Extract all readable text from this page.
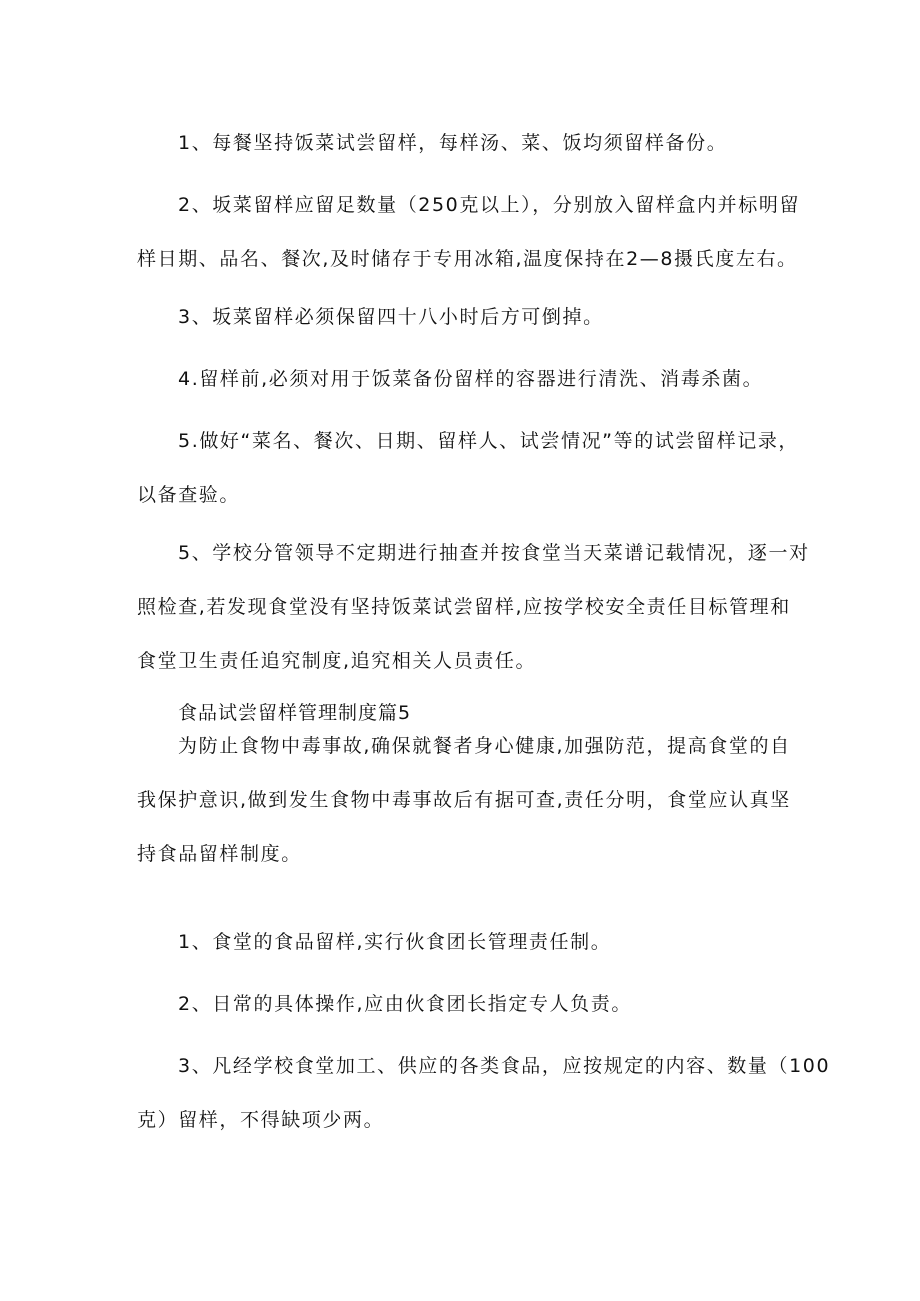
1、每餐坚持饭菜试尝留样，每样汤、菜、饭均须留样备份。
2、坂菜留样应留足数量（250克以上），分别放入留样盒内并标明留
样日期、品名、餐次,及时储存于专用冰箱,温度保持在2—8摄氏度左右。
3、坂菜留样必须保留四十八小时后方可倒掉。
4.留样前,必须对用于饭菜备份留样的容器进行清洗、消毒杀菌。
5.做好“菜名、餐次、日期、留样人、试尝情况”等的试尝留样记录，
以备查验。
5、学校分管领导不定期进行抽查并按食堂当天菜谱记载情况，逐一对
照检查,若发现食堂没有坚持饭菜试尝留样,应按学校安全责任目标管理和
食堂卫生责任追究制度,追究相关人员责任。
食品试尝留样管理制度篇5
为防止食物中毒事故,确保就餐者身心健康,加强防范，提高食堂的自
我保护意识,做到发生食物中毒事故后有据可查,责任分明，食堂应认真坚
持食品留样制度。
1、食堂的食品留样,实行伙食团长管理责任制。
2、日常的具体操作,应由伙食团长指定专人负责。
3、凡经学校食堂加工、供应的各类食品，应按规定的内容、数量（100
克）留样，不得缺项少两。
